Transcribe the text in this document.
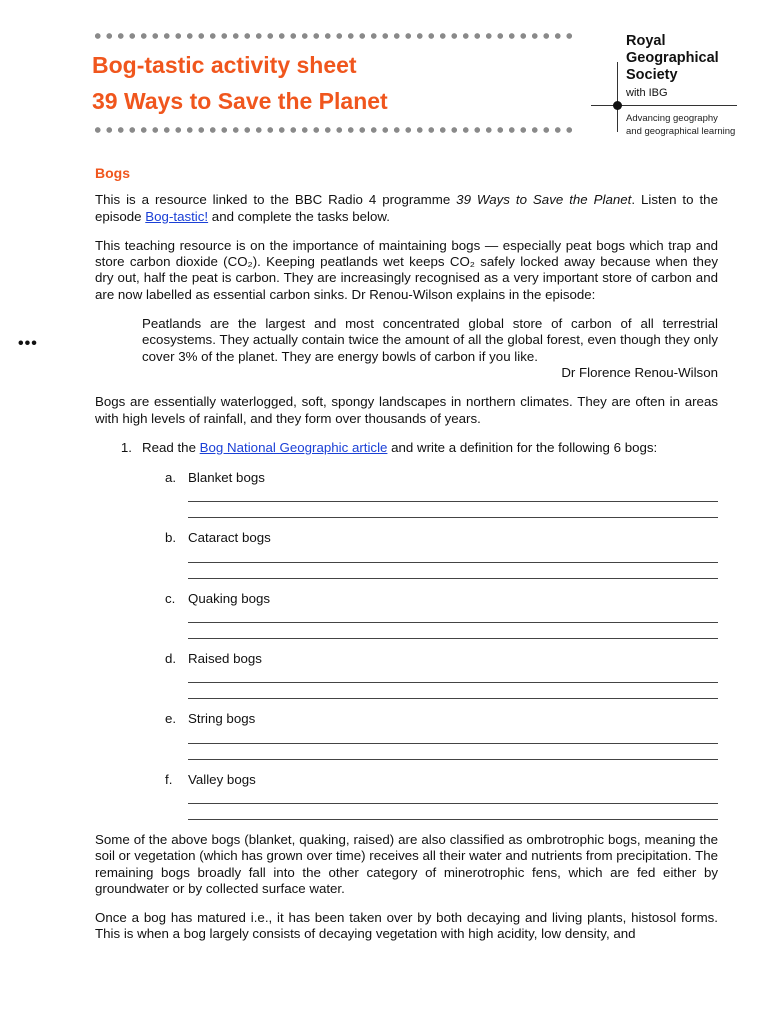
Bog-tastic activity sheet
39 Ways to Save the Planet
Royal
Geographical
Society
with IBG
Advancing geography
and geographical learning
•••
Bogs

This is a resource linked to the BBC Radio 4 programme 39 Ways to Save the Planet. Listen to the episode Bog-tastic! and complete the tasks below.

This teaching resource is on the importance of maintaining bogs — especially peat bogs which trap and store carbon dioxide (CO₂). Keeping peatlands wet keeps CO₂ safely locked away because when they dry out, half the peat is carbon. They are increasingly recognised as a very important store of carbon and are now labelled as essential carbon sinks. Dr Renou-Wilson explains in the episode:

Peatlands are the largest and most concentrated global store of carbon of all terrestrial ecosystems. They actually contain twice the amount of all the global forest, even though they only cover 3% of the planet. They are energy bowls of carbon if you like.
Dr Florence Renou-Wilson

Bogs are essentially waterlogged, soft, spongy landscapes in northern climates. They are often in areas with high levels of rainfall, and they form over thousands of years.

1. Read the Bog National Geographic article and write a definition for the following 6 bogs:
a. Blanket bogs
b. Cataract bogs
c. Quaking bogs
d. Raised bogs
e. String bogs
f.	Valley bogs

Some of the above bogs (blanket, quaking, raised) are also classified as ombrotrophic bogs, meaning the soil or vegetation (which has grown over time) receives all their water and nutrients from precipitation. The remaining bogs broadly fall into the other category of minerotrophic fens, which are fed either by groundwater or by collected surface water.

Once a bog has matured i.e., it has been taken over by both decaying and living plants, histosol forms. This is when a bog largely consists of decaying vegetation with high acidity, low density, and
